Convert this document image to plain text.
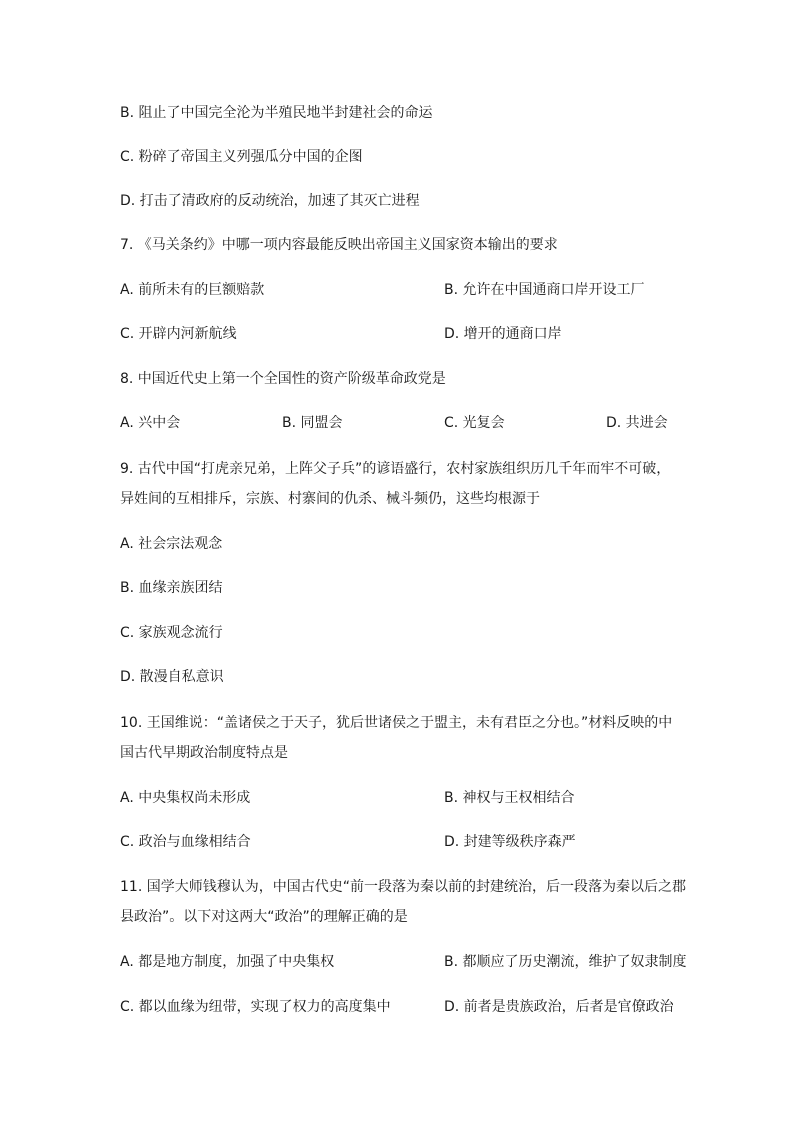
B. 阻止了中国完全沦为半殖民地半封建社会的命运
C. 粉碎了帝国主义列强瓜分中国的企图
D. 打击了清政府的反动统治，加速了其灭亡进程
7. 《马关条约》中哪一项内容最能反映出帝国主义国家资本输出的要求
A. 前所未有的巨额赔款	B. 允许在中国通商口岸开设工厂
C. 开辟内河新航线	D. 增开的通商口岸
8. 中国近代史上第一个全国性的资产阶级革命政党是
A. 兴中会	B. 同盟会	C. 光复会	D. 共进会
9. 古代中国“打虎亲兄弟，上阵父子兵”的谚语盛行，农村家族组织历几千年而牢不可破，
异姓间的互相排斥，宗族、村寨间的仇杀、械斗频仍，这些均根源于
A. 社会宗法观念
B. 血缘亲族团结
C. 家族观念流行
D. 散漫自私意识
10. 王国维说：“盖诸侯之于天子，犹后世诸侯之于盟主，未有君臣之分也。”材料反映的中
国古代早期政治制度特点是
A. 中央集权尚未形成	B. 神权与王权相结合
C. 政治与血缘相结合	D. 封建等级秩序森严
11. 国学大师钱穆认为，中国古代史“前一段落为秦以前的封建统治，后一段落为秦以后之郡
县政治”。以下对这两大“政治”的理解正确的是
A. 都是地方制度，加强了中央集权	B. 都顺应了历史潮流，维护了奴隶制度
C. 都以血缘为纽带，实现了权力的高度集中	D. 前者是贵族政治，后者是官僚政治
